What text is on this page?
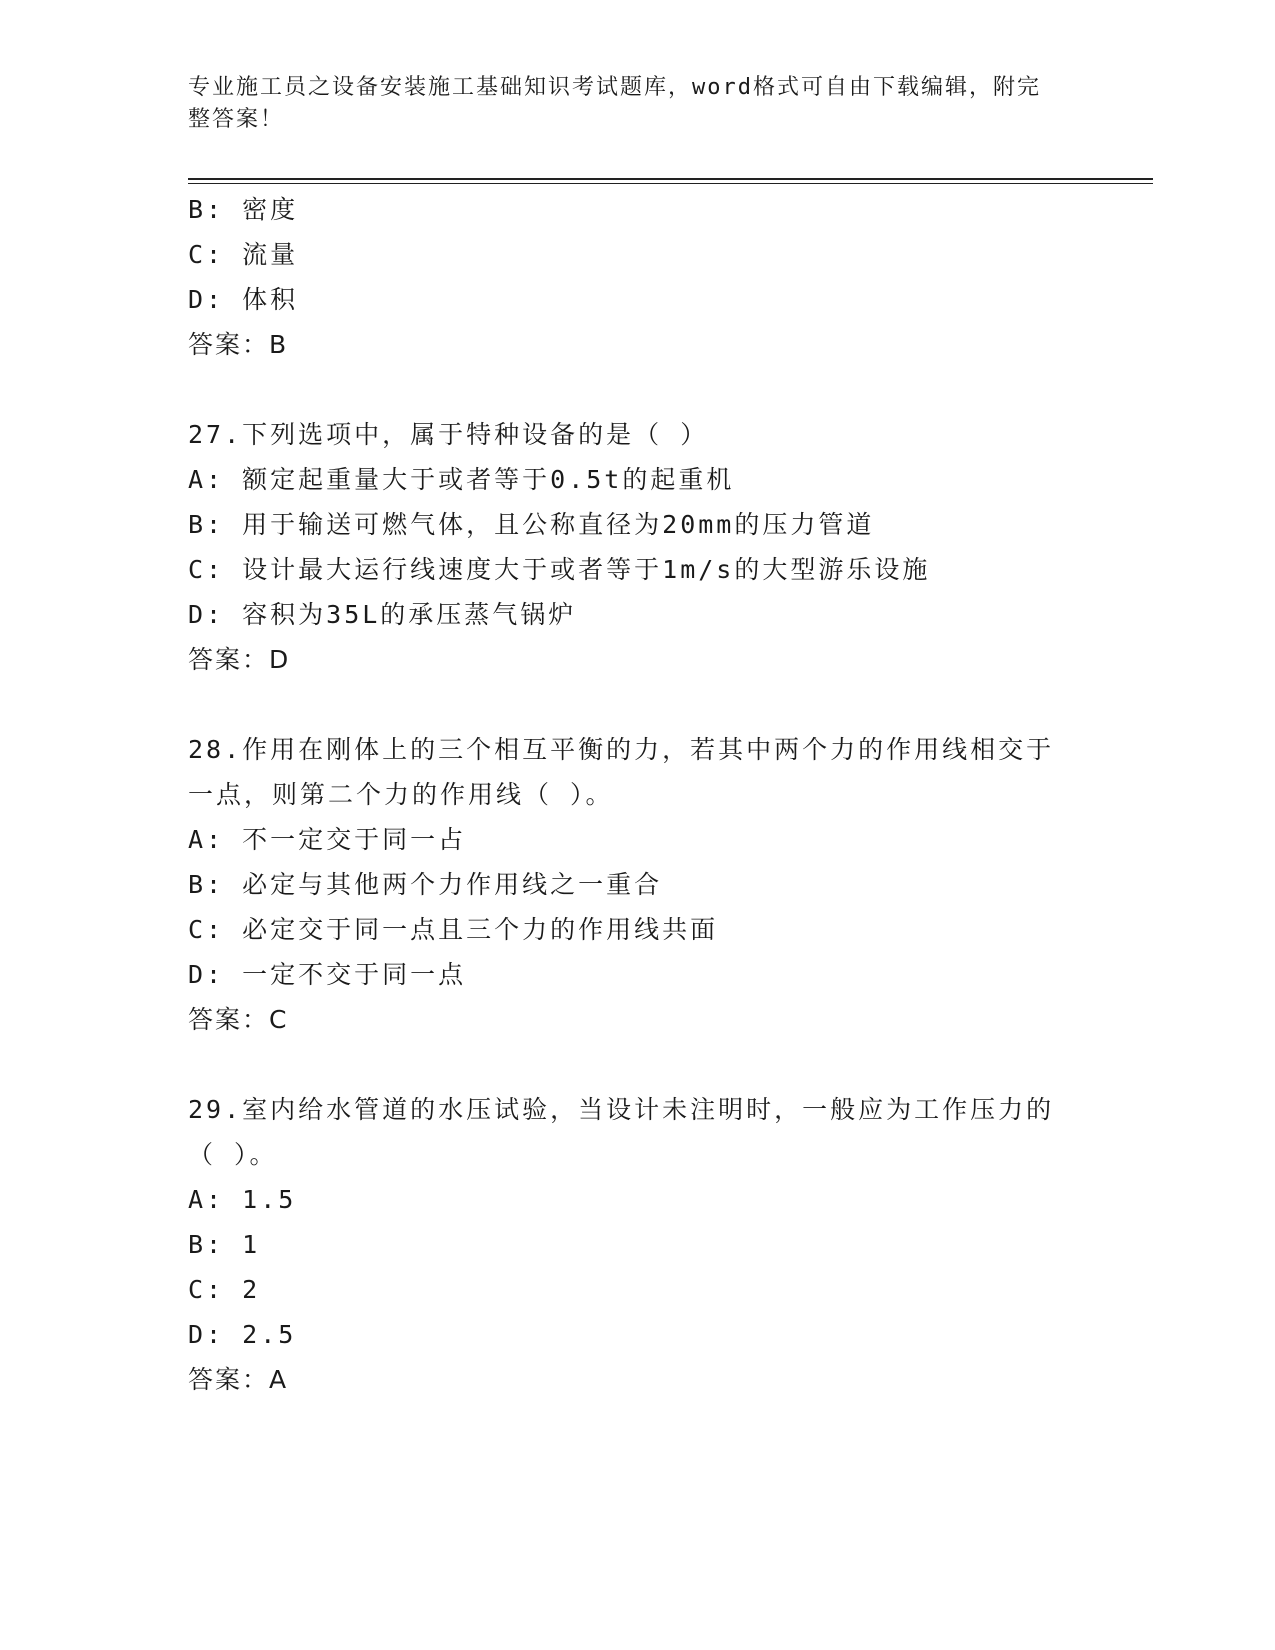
专业施工员之设备安装施工基础知识考试题库，word格式可自由下载编辑，附完
整答案！
B: 密度
C: 流量
D: 体积
答案：B
27.下列选项中，属于特种设备的是（ ）
A: 额定起重量大于或者等于0.5t的起重机
B: 用于输送可燃气体，且公称直径为20mm的压力管道
C: 设计最大运行线速度大于或者等于1m/s的大型游乐设施
D: 容积为35L的承压蒸气锅炉
答案：D
28.作用在刚体上的三个相互平衡的力，若其中两个力的作用线相交于
一点，则第二个力的作用线（ ）。
A: 不一定交于同一占
B: 必定与其他两个力作用线之一重合
C: 必定交于同一点且三个力的作用线共面
D: 一定不交于同一点
答案：C
29.室内给水管道的水压试验，当设计未注明时，一般应为工作压力的
（ ）。
A: 1.5
B: 1
C: 2
D: 2.5
答案：A
